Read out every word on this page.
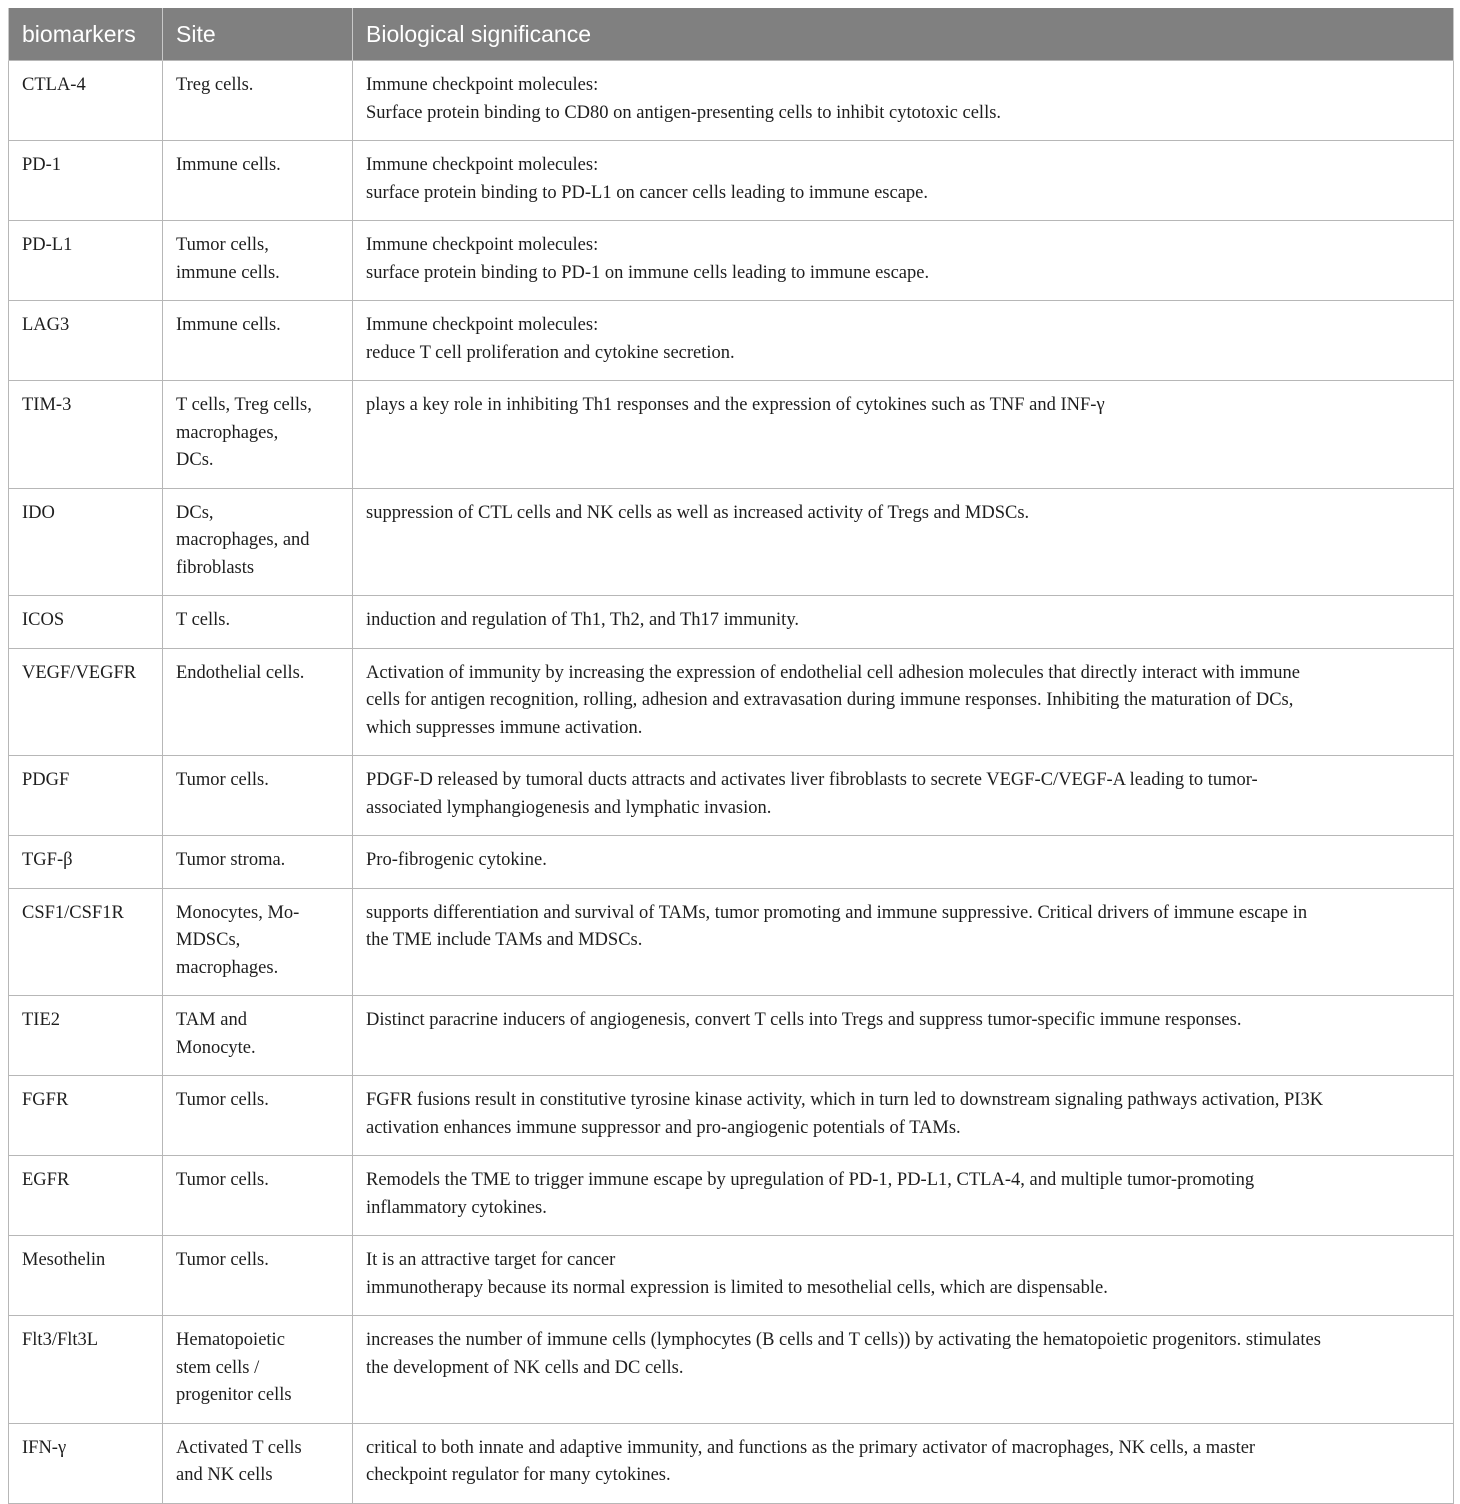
biomarkers	Site	Biological significance
CTLA-4	Treg cells.	Immune checkpoint molecules:
Surface protein binding to CD80 on antigen-presenting cells to inhibit cytotoxic cells.
PD-1	Immune cells.	Immune checkpoint molecules:
surface protein binding to PD-L1 on cancer cells leading to immune escape.
PD-L1	Tumor cells,
immune cells.	Immune checkpoint molecules:
surface protein binding to PD-1 on immune cells leading to immune escape.
LAG3	Immune cells.	Immune checkpoint molecules:
reduce T cell proliferation and cytokine secretion.
TIM-3	T cells, Treg cells,
macrophages,
DCs.	plays a key role in inhibiting Th1 responses and the expression of cytokines such as TNF and INF-γ
IDO	DCs,
macrophages, and
fibroblasts	suppression of CTL cells and NK cells as well as increased activity of Tregs and MDSCs.
ICOS	T cells.	induction and regulation of Th1, Th2, and Th17 immunity.
VEGF/VEGFR	Endothelial cells.	Activation of immunity by increasing the expression of endothelial cell adhesion molecules that directly interact with immune
cells for antigen recognition, rolling, adhesion and extravasation during immune responses. Inhibiting the maturation of DCs,
which suppresses immune activation.
PDGF	Tumor cells.	PDGF-D released by tumoral ducts attracts and activates liver fibroblasts to secrete VEGF-C/VEGF-A leading to tumor-
associated lymphangiogenesis and lymphatic invasion.
TGF-β	Tumor stroma.	Pro-fibrogenic cytokine.
CSF1/CSF1R	Monocytes, Mo-
MDSCs,
macrophages.	supports differentiation and survival of TAMs, tumor promoting and immune suppressive. Critical drivers of immune escape in
the TME include TAMs and MDSCs.
TIE2	TAM and
Monocyte.	Distinct paracrine inducers of angiogenesis, convert T cells into Tregs and suppress tumor-specific immune responses.
FGFR	Tumor cells.	FGFR fusions result in constitutive tyrosine kinase activity, which in turn led to downstream signaling pathways activation, PI3K
activation enhances immune suppressor and pro-angiogenic potentials of TAMs.
EGFR	Tumor cells.	Remodels the TME to trigger immune escape by upregulation of PD-1, PD-L1, CTLA-4, and multiple tumor-promoting
inflammatory cytokines.
Mesothelin	Tumor cells.	It is an attractive target for cancer
immunotherapy because its normal expression is limited to mesothelial cells, which are dispensable.
Flt3/Flt3L	Hematopoietic
stem cells /
progenitor cells	increases the number of immune cells (lymphocytes (B cells and T cells)) by activating the hematopoietic progenitors. stimulates
the development of NK cells and DC cells.
IFN-γ	Activated T cells
and NK cells	critical to both innate and adaptive immunity, and functions as the primary activator of macrophages, NK cells, a master
checkpoint regulator for many cytokines.
